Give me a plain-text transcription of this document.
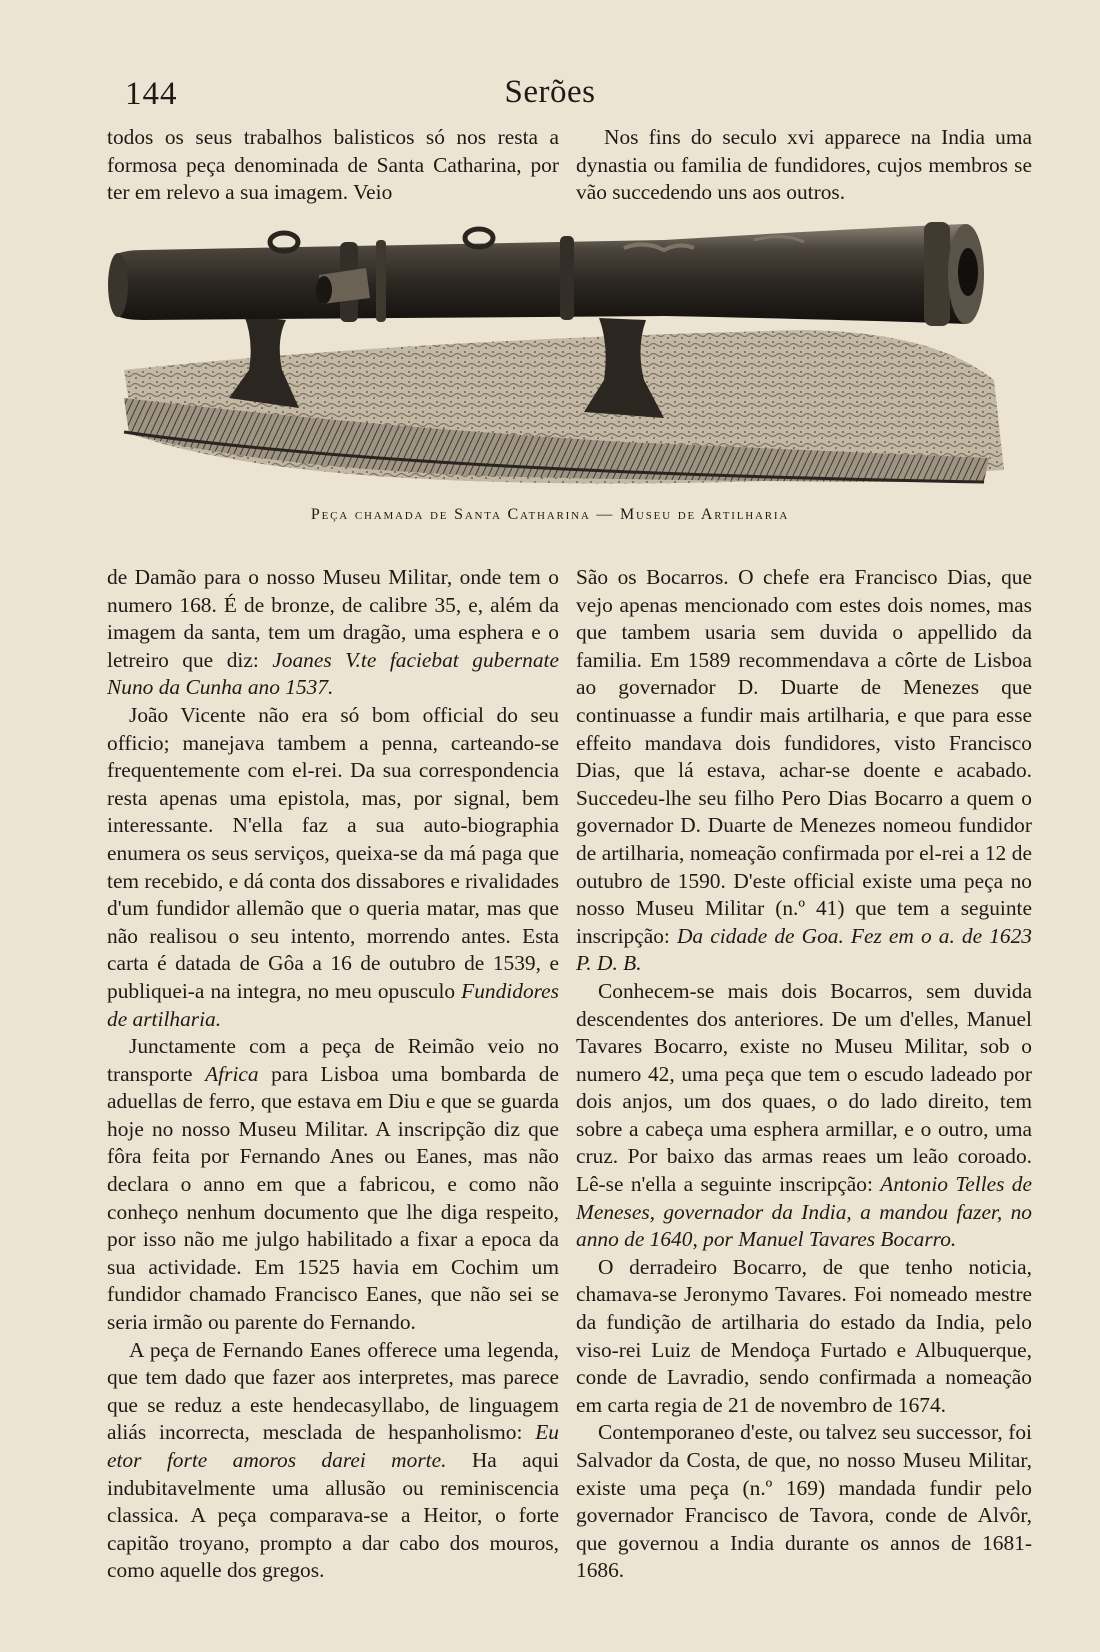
144	Serões

todos os seus trabalhos balisticos só nos resta a formosa peça denominada de Santa Catharina, por ter em relevo a sua imagem. Veio

Nos fins do seculo xvi apparece na India uma dynastia ou familia de fundidores, cujos membros se vão succedendo uns aos outros.

Peça chamada de Santa Catharina — Museu de Artilharia

de Damão para o nosso Museu Militar, onde tem o numero 168. É de bronze, de calibre 35, e, além da imagem da santa, tem um dragão, uma esphera e o letreiro que diz: Joanes V.te faciebat gubernate Nuno da Cunha ano 1537.

João Vicente não era só bom official do seu officio; manejava tambem a penna, carteando-se frequentemente com el-rei. Da sua correspondencia resta apenas uma epistola, mas, por signal, bem interessante. N'ella faz a sua auto-biographia enumera os seus serviços, queixa-se da má paga que tem recebido, e dá conta dos dissabores e rivalidades d'um fundidor allemão que o queria matar, mas que não realisou o seu intento, morrendo antes. Esta carta é datada de Gôa a 16 de outubro de 1539, e publiquei-a na integra, no meu opusculo Fundidores de artilharia.

Junctamente com a peça de Reimão veio no transporte Africa para Lisboa uma bombarda de aduellas de ferro, que estava em Diu e que se guarda hoje no nosso Museu Militar. A inscripção diz que fôra feita por Fernando Anes ou Eanes, mas não declara o anno em que a fabricou, e como não conheço nenhum documento que lhe diga respeito, por isso não me julgo habilitado a fixar a epoca da sua actividade. Em 1525 havia em Cochim um fundidor chamado Francisco Eanes, que não sei se seria irmão ou parente do Fernando.

A peça de Fernando Eanes offerece uma legenda, que tem dado que fazer aos interpretes, mas parece que se reduz a este hendecasyllabo, de linguagem aliás incorrecta, mesclada de hespanholismo: Eu etor forte amoros darei morte. Ha aqui indubitavelmente uma allusão ou reminiscencia classica. A peça comparava-se a Heitor, o forte capitão troyano, prompto a dar cabo dos mouros, como aquelle dos gregos.

São os Bocarros. O chefe era Francisco Dias, que vejo apenas mencionado com estes dois nomes, mas que tambem usaria sem duvida o appellido da familia. Em 1589 recommendava a côrte de Lisboa ao governador D. Duarte de Menezes que continuasse a fundir mais artilharia, e que para esse effeito mandava dois fundidores, visto Francisco Dias, que lá estava, achar-se doente e acabado. Succedeu-lhe seu filho Pero Dias Bocarro a quem o governador D. Duarte de Menezes nomeou fundidor de artilharia, nomeação confirmada por el-rei a 12 de outubro de 1590. D'este official existe uma peça no nosso Museu Militar (n.º 41) que tem a seguinte inscripção: Da cidade de Goa. Fez em o a. de 1623 P. D. B.

Conhecem-se mais dois Bocarros, sem duvida descendentes dos anteriores. De um d'elles, Manuel Tavares Bocarro, existe no Museu Militar, sob o numero 42, uma peça que tem o escudo ladeado por dois anjos, um dos quaes, o do lado direito, tem sobre a cabeça uma esphera armillar, e o outro, uma cruz. Por baixo das armas reaes um leão coroado. Lê-se n'ella a seguinte inscripção: Antonio Telles de Meneses, governador da India, a mandou fazer, no anno de 1640, por Manuel Tavares Bocarro.

O derradeiro Bocarro, de que tenho noticia, chamava-se Jeronymo Tavares. Foi nomeado mestre da fundição de artilharia do estado da India, pelo viso-rei Luiz de Mendoça Furtado e Albuquerque, conde de Lavradio, sendo confirmada a nomeação em carta regia de 21 de novembro de 1674.

Contemporaneo d'este, ou talvez seu successor, foi Salvador da Costa, de que, no nosso Museu Militar, existe uma peça (n.º 169) mandada fundir pelo governador Francisco de Tavora, conde de Alvôr, que governou a India durante os annos de 1681-1686.
